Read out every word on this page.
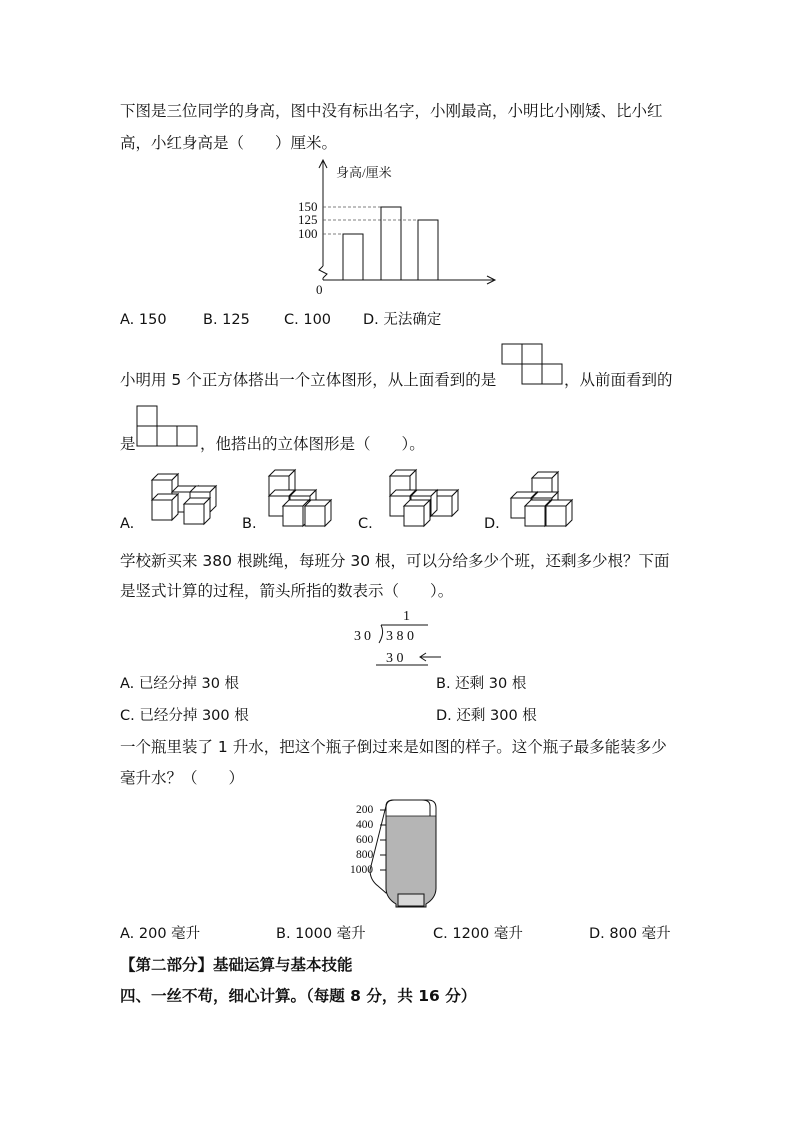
下图是三位同学的身高，图中没有标出名字，小刚最高，小明比小刚矮、比小红
高，小红身高是（　　）厘米。
身高/厘米
0
150
125
100
A. 150	B. 125 C. 100 D. 无法确定
小明用 5 个正方体搭出一个立体图形，从上面看到的是	，从前面看到的
是	，他搭出的立体图形是（　　）。
A.	B.	C.	D.
学校新买来 380 根跳绳，每班分 30 根，可以分给多少个班，还剩多少根？下面
是竖式计算的过程，箭头所指的数表示（　　）。
1
30 3 8 0
3 0
A. 已经分掉 30 根	B. 还剩 30 根
C. 已经分掉 300 根	D. 还剩 300 根
一个瓶里装了 1 升水，把这个瓶子倒过来是如图的样子。这个瓶子最多能装多少
毫升水？（　　）
200
400
600
800
1000
A. 200 毫升	B. 1000 毫升	C. 1200 毫升	D. 800 毫升
【第二部分】基础运算与基本技能
四、一丝不苟，细心计算。（每题 8 分，共 16 分）
